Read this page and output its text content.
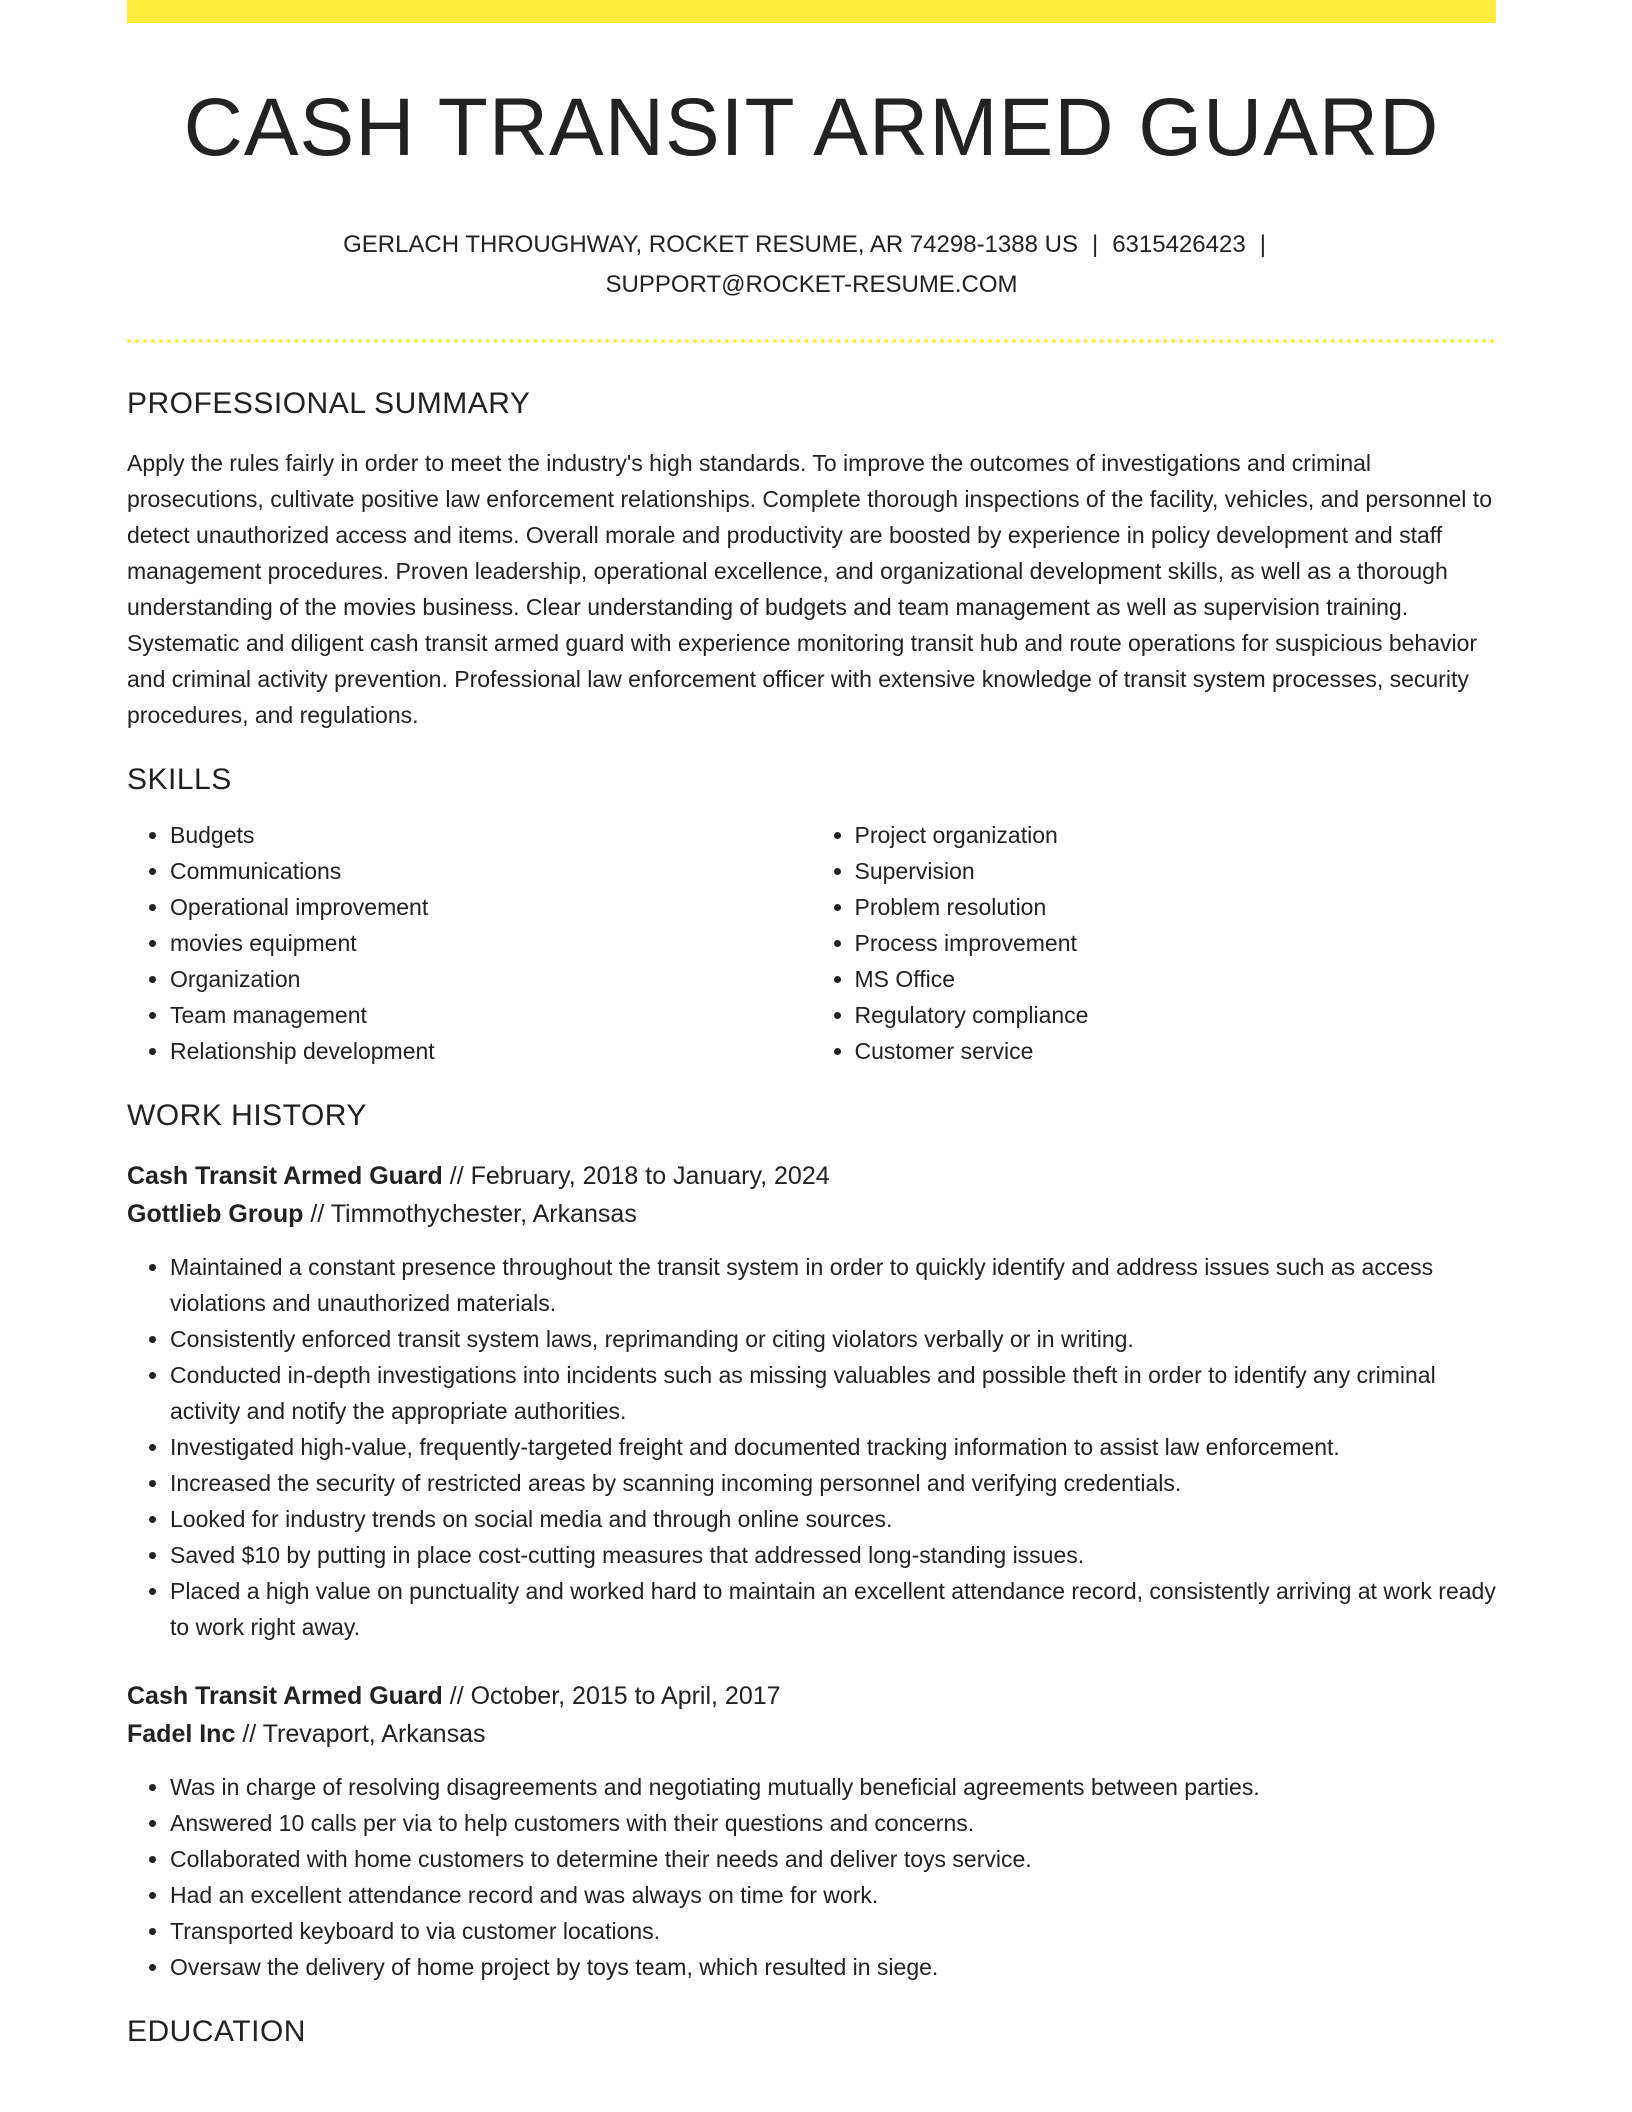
CASH TRANSIT ARMED GUARD
GERLACH THROUGHWAY, ROCKET RESUME, AR 74298-1388 US | 6315426423 |
SUPPORT@ROCKET-RESUME.COM
PROFESSIONAL SUMMARY

Apply the rules fairly in order to meet the industry's high standards. To improve the outcomes of investigations and criminal prosecutions, cultivate positive law enforcement relationships. Complete thorough inspections of the facility, vehicles, and personnel to detect unauthorized access and items. Overall morale and productivity are boosted by experience in policy development and staff management procedures. Proven leadership, operational excellence, and organizational development skills, as well as a thorough understanding of the movies business. Clear understanding of budgets and team management as well as supervision training. Systematic and diligent cash transit armed guard with experience monitoring transit hub and route operations for suspicious behavior and criminal activity prevention. Professional law enforcement officer with extensive knowledge of transit system processes, security procedures, and regulations.

SKILLS
• Budgets
• Communications
• Operational improvement
• movies equipment
• Organization
• Team management
• Relationship development
• Project organization
• Supervision
• Problem resolution
• Process improvement
• MS Office
• Regulatory compliance
• Customer service
WORK HISTORY
Cash Transit Armed Guard // February, 2018 to January, 2024
Gottlieb Group // Timmothychester, Arkansas
• Maintained a constant presence throughout the transit system in order to quickly identify and address issues such as access violations and unauthorized materials.
• Consistently enforced transit system laws, reprimanding or citing violators verbally or in writing.
• Conducted in-depth investigations into incidents such as missing valuables and possible theft in order to identify any criminal activity and notify the appropriate authorities.
• Investigated high-value, frequently-targeted freight and documented tracking information to assist law enforcement.
• Increased the security of restricted areas by scanning incoming personnel and verifying credentials.
• Looked for industry trends on social media and through online sources.
• Saved $10 by putting in place cost-cutting measures that addressed long-standing issues.
• Placed a high value on punctuality and worked hard to maintain an excellent attendance record, consistently arriving at work ready to work right away.
Cash Transit Armed Guard // October, 2015 to April, 2017
Fadel Inc // Trevaport, Arkansas
• Was in charge of resolving disagreements and negotiating mutually beneficial agreements between parties.
• Answered 10 calls per via to help customers with their questions and concerns.
• Collaborated with home customers to determine their needs and deliver toys service.
• Had an excellent attendance record and was always on time for work.
• Transported keyboard to via customer locations.
• Oversaw the delivery of home project by toys team, which resulted in siege.
EDUCATION
